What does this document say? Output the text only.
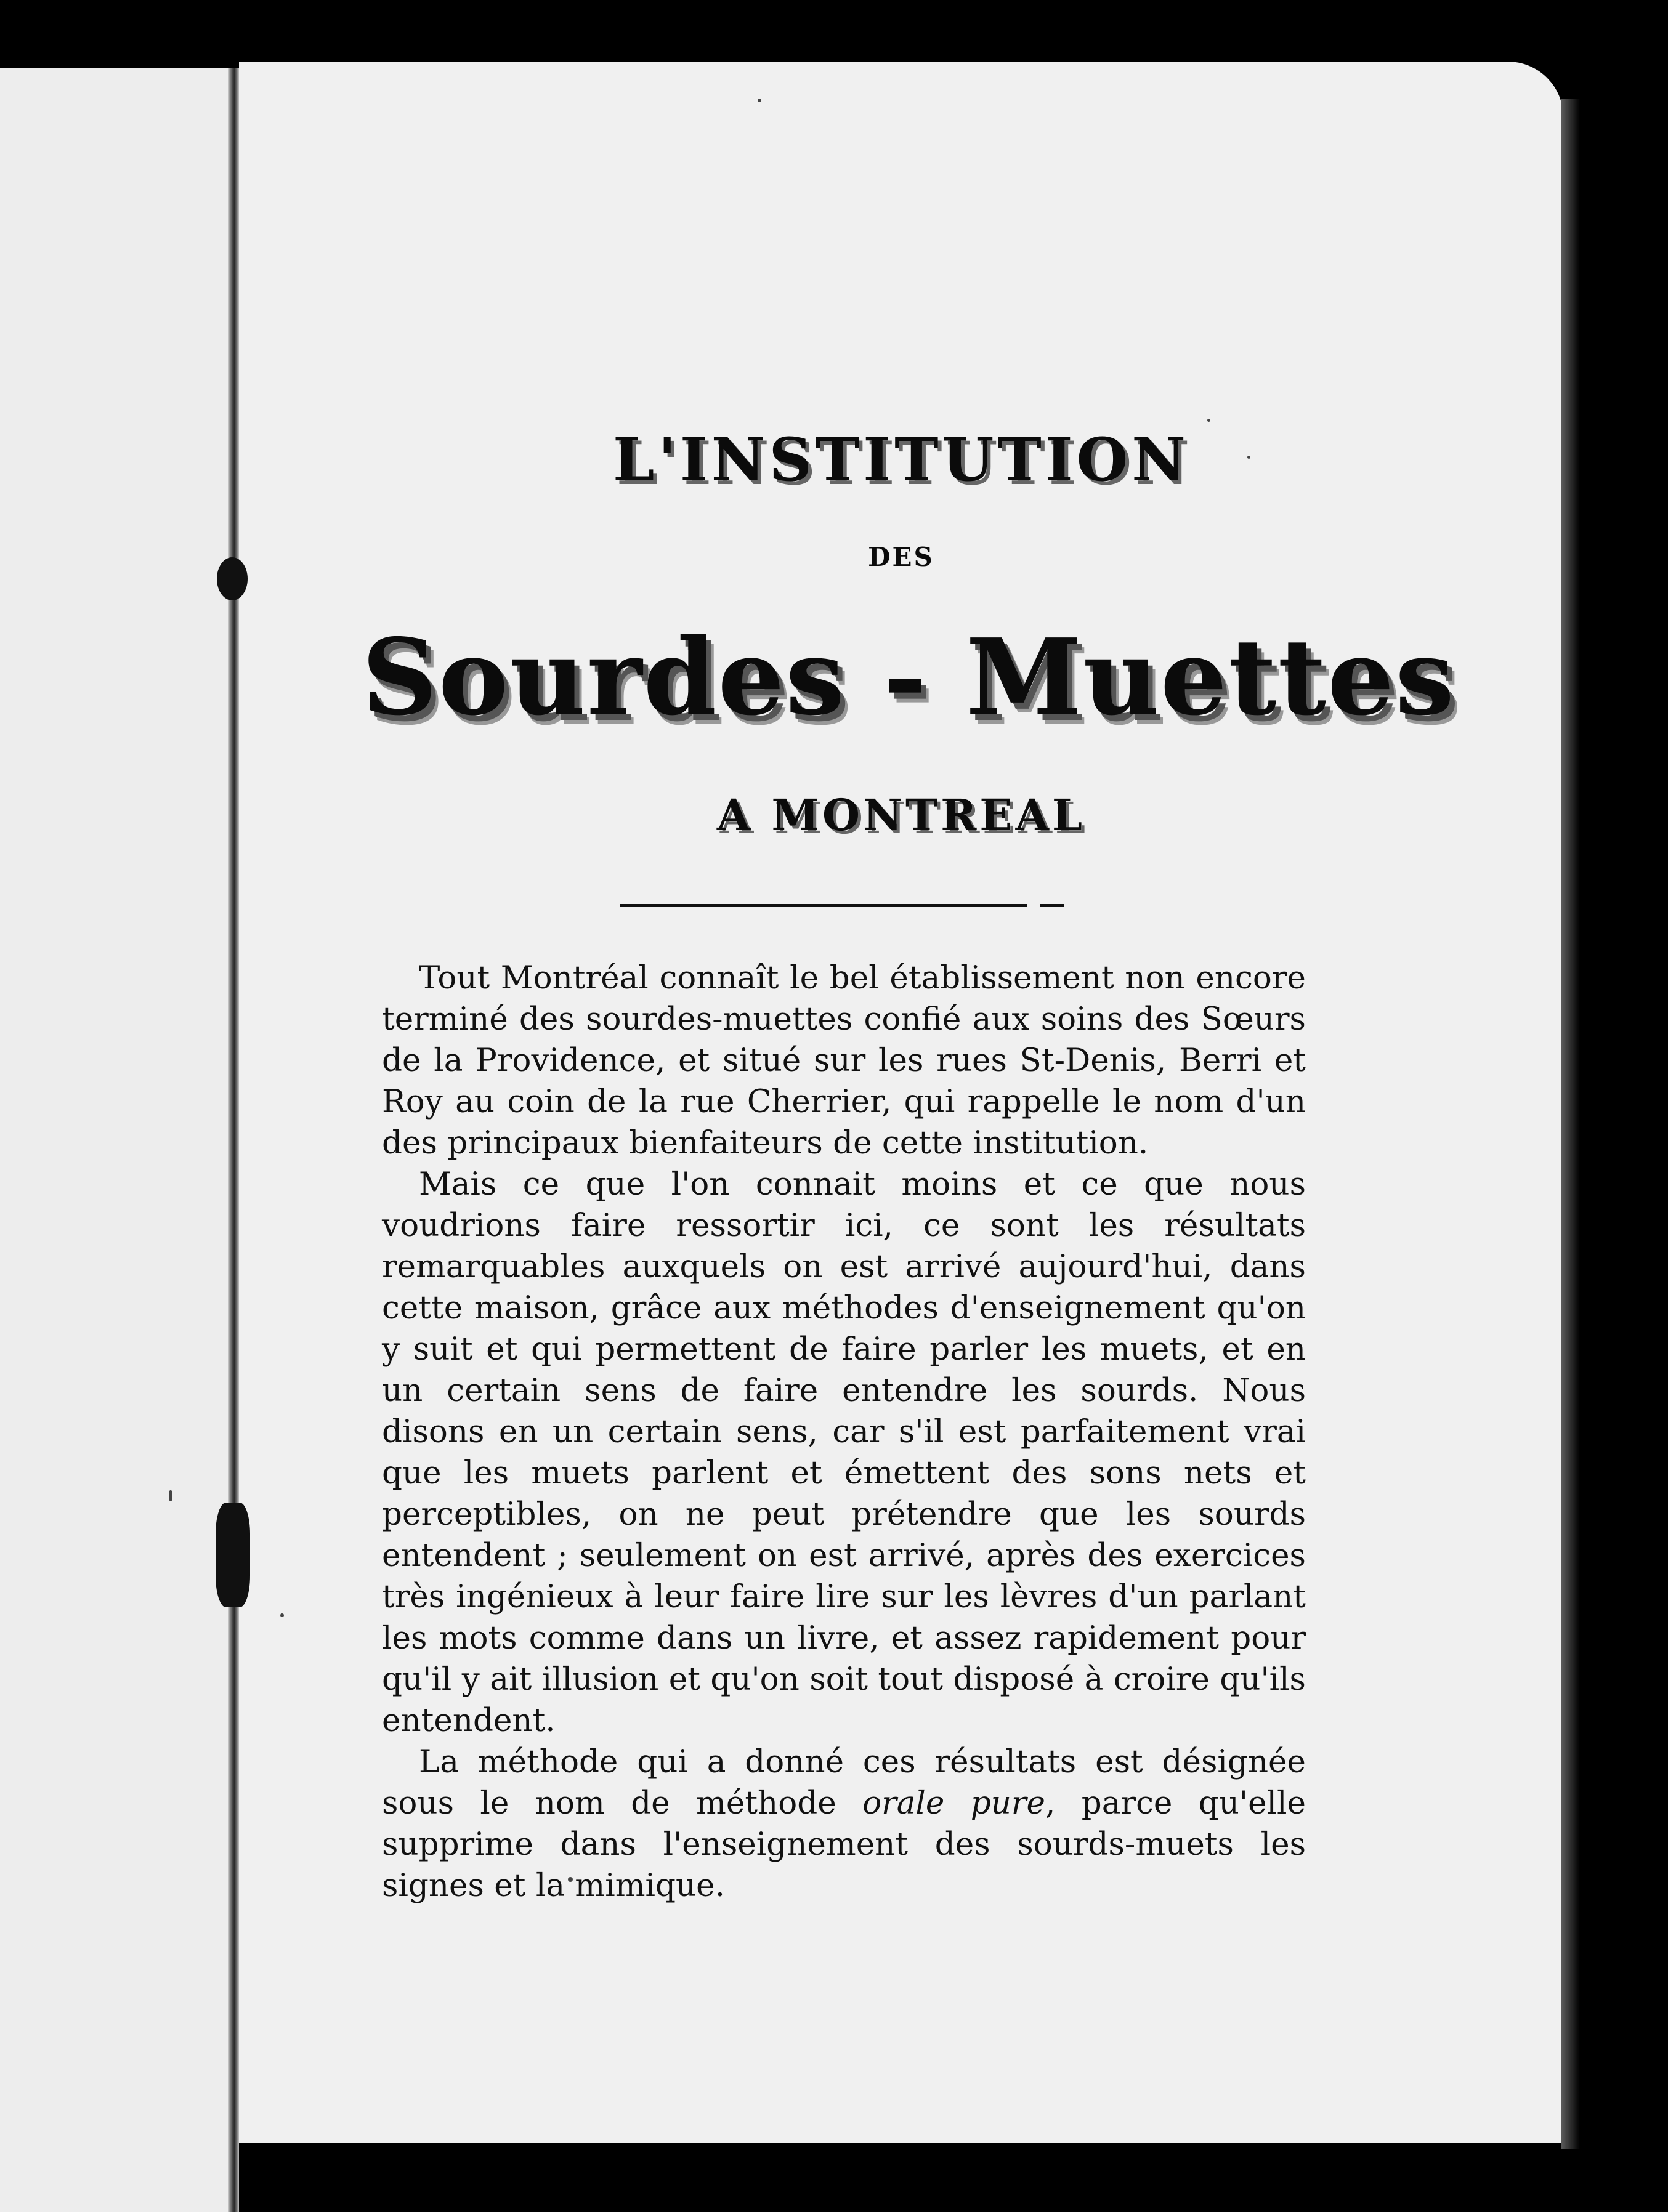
L'INSTITUTION
DES
Sourdes - Muettes
A MONTREAL

Tout Montréal connaît le bel établissement non encore terminé des sourdes-muettes confié aux soins des Sœurs de la Providence, et situé sur les rues St-Denis, Berri et Roy au coin de la rue Cherrier, qui rappelle le nom d'un des principaux bienfaiteurs de cette institution.

Mais ce que l'on connait moins et ce que nous voudrions faire ressortir ici, ce sont les résultats remarquables auxquels on est arrivé aujourd'hui, dans cette maison, grâce aux méthodes d'enseignement qu'on y suit et qui permettent de faire parler les muets, et en un certain sens de faire entendre les sourds. Nous disons en un certain sens, car s'il est parfaitement vrai que les muets parlent et émettent des sons nets et perceptibles, on ne peut prétendre que les sourds entendent ; seulement on est arrivé, après des exercices très ingénieux à leur faire lire sur les lèvres d'un parlant les mots comme dans un livre, et assez rapidement pour qu'il y ait illusion et qu'on soit tout disposé à croire qu'ils entendent.

La méthode qui a donné ces résultats est désignée sous le nom de méthode orale pure, parce qu'elle supprime dans l'enseignement des sourds-muets les signes et la mimique.
